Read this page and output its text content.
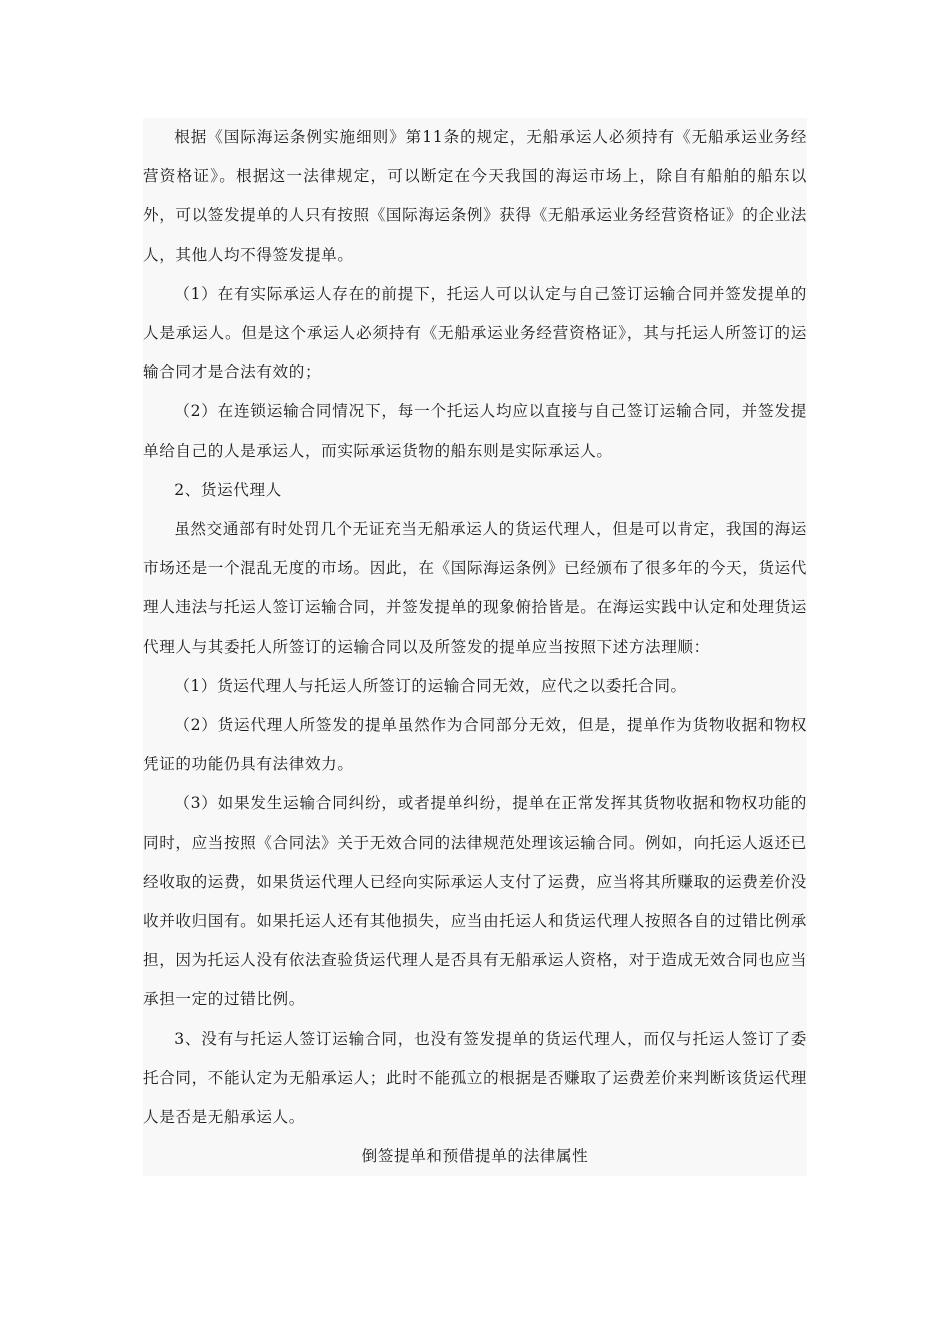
根据《国际海运条例实施细则》第11条的规定，无船承运人必须持有《无船承运业务经营资格证》。根据这一法律规定，可以断定在今天我国的海运市场上，除自有船舶的船东以外，可以签发提单的人只有按照《国际海运条例》获得《无船承运业务经营资格证》的企业法人，其他人均不得签发提单。

（1）在有实际承运人存在的前提下，托运人可以认定与自己签订运输合同并签发提单的人是承运人。但是这个承运人必须持有《无船承运业务经营资格证》，其与托运人所签订的运输合同才是合法有效的；

（2）在连锁运输合同情况下，每一个托运人均应以直接与自己签订运输合同，并签发提单给自己的人是承运人，而实际承运货物的船东则是实际承运人。

2、货运代理人

虽然交通部有时处罚几个无证充当无船承运人的货运代理人，但是可以肯定，我国的海运市场还是一个混乱无度的市场。因此，在《国际海运条例》已经颁布了很多年的今天，货运代理人违法与托运人签订运输合同，并签发提单的现象俯拾皆是。在海运实践中认定和处理货运代理人与其委托人所签订的运输合同以及所签发的提单应当按照下述方法理顺：

（1）货运代理人与托运人所签订的运输合同无效，应代之以委托合同。

（2）货运代理人所签发的提单虽然作为合同部分无效，但是，提单作为货物收据和物权凭证的功能仍具有法律效力。

（3）如果发生运输合同纠纷，或者提单纠纷，提单在正常发挥其货物收据和物权功能的同时，应当按照《合同法》关于无效合同的法律规范处理该运输合同。例如，向托运人返还已经收取的运费，如果货运代理人已经向实际承运人支付了运费，应当将其所赚取的运费差价没收并收归国有。如果托运人还有其他损失，应当由托运人和货运代理人按照各自的过错比例承担，因为托运人没有依法查验货运代理人是否具有无船承运人资格，对于造成无效合同也应当承担一定的过错比例。

3、没有与托运人签订运输合同，也没有签发提单的货运代理人，而仅与托运人签订了委托合同，不能认定为无船承运人；此时不能孤立的根据是否赚取了运费差价来判断该货运代理人是否是无船承运人。

倒签提单和预借提单的法律属性
